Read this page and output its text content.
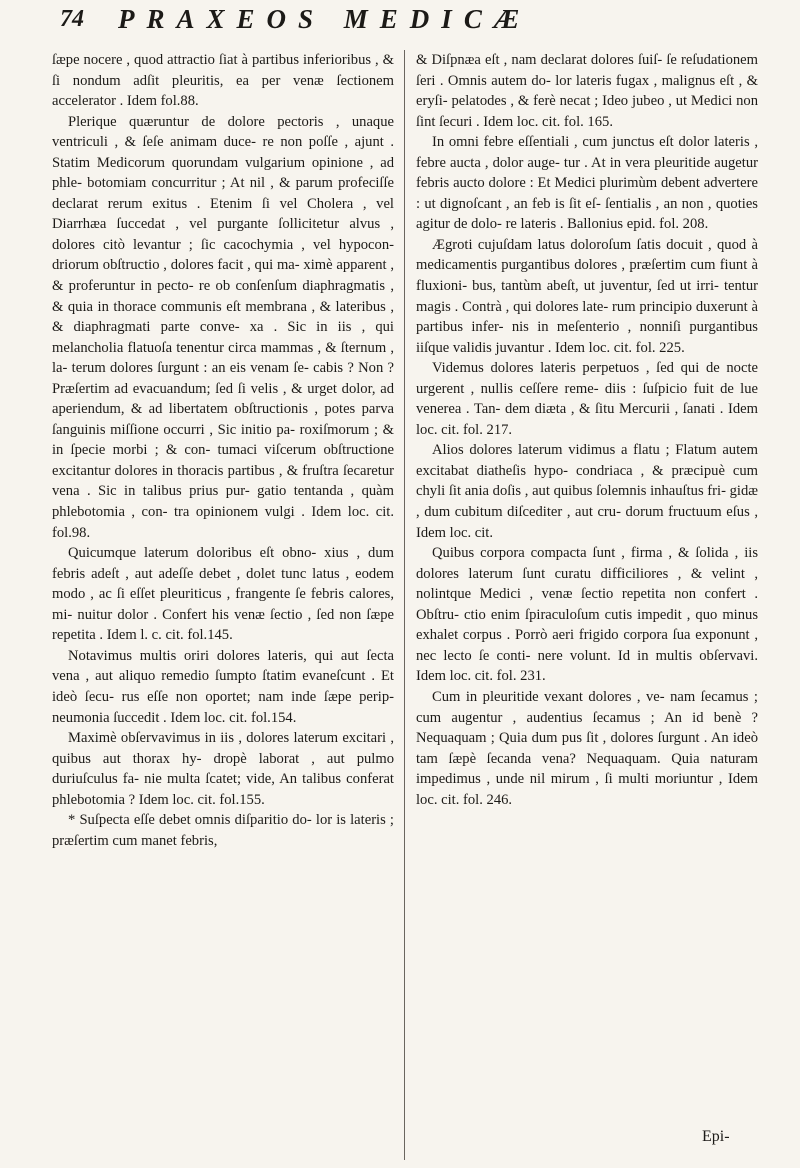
74 PRAXEOS MEDICÆ

ſæpe nocere , quod attractio ſiat à partibus inferioribus , & ſi nondum adſit pleuritis, ea per venæ ſectionem accelerator . Idem fol.88.

Plerique quæruntur de dolore pectoris , unaque ventriculi , & ſeſe animam duce- re non poſſe , ajunt . Statim Medicorum quorundam vulgarium opinione , ad phle- botomiam concurritur ; At nil , & parum profeciſſe declarat rerum exitus . Etenim ſi vel Cholera , vel Diarrhæa ſuccedat , vel purgante ſollicitetur alvus , dolores citò levantur ; ſic cacochymia , vel hypocon- driorum obſtructio , dolores facit , qui ma- ximè apparent , & proferuntur in pecto- re ob conſenſum diaphragmatis , & quia in thorace communis eſt membrana , & lateribus , & diaphragmati parte conve- xa . Sic in iis , qui melancholia flatuoſa tenentur circa mammas , & ſternum , la- terum dolores ſurgunt : an eis venam ſe- cabis ? Non ? Præſertim ad evacuandum; ſed ſi velis , & urget dolor, ad aperiendum, & ad libertatem obſtructionis , potes parva ſanguinis miſſione occurri , Sic initio pa- roxiſmorum ; & in ſpecie morbi ; & con- tumaci viſcerum obſtructione excitantur dolores in thoracis partibus , & fruſtra ſecaretur vena . Sic in talibus prius pur- gatio tentanda , quàm phlebotomia , con- tra opinionem vulgi . Idem loc. cit. fol.98.

Quicumque laterum doloribus eſt obno- xius , dum febris adeſt , aut adeſſe debet , dolet tunc latus , eodem modo , ac ſi eſſet pleuriticus , frangente ſe febris calores, mi- nuitur dolor . Confert his venæ ſectio , ſed non ſæpe repetita . Idem l. c. cit. fol.145.

Notavimus multis oriri dolores lateris, qui aut ſecta vena , aut aliquo remedio ſumpto ſtatim evaneſcunt . Et ideò ſecu- rus eſſe non oportet; nam inde ſæpe perip- neumonia ſuccedit . Idem loc. cit. fol.154.

Maximè obſervavimus in iis , dolores laterum excitari , quibus aut thorax hy- dropè laborat , aut pulmo duriuſculus fa- nie multa ſcatet; vide, An talibus conferat phlebotomia ? Idem loc. cit. fol.155.

* Suſpecta eſſe debet omnis diſparitio do- lor is lateris ; præſertim cum manet febris,

& Diſpnæa eſt , nam declarat dolores ſuiſ- ſe reſudationem ſeri . Omnis autem do- lor lateris fugax , malignus eſt , & eryſi- pelatodes , & ferè necat ; Ideo jubeo , ut Medici non ſint ſecuri . Idem loc. cit. fol. 165.

In omni febre eſſentiali , cum junctus eſt dolor lateris , febre aucta , dolor auge- tur . At in vera pleuritide augetur febris aucto dolore : Et Medici plurimùm debent advertere : ut dignoſcant , an feb is ſit eſ- ſentialis , an non , quoties agitur de dolo- re lateris . Ballonius epid. fol. 208.

Ægroti cujuſdam latus doloroſum ſatis docuit , quod à medicamentis purgantibus dolores , præſertim cum fiunt à fluxioni- bus, tantùm abeſt, ut juventur, ſed ut irri- tentur magis . Contrà , qui dolores late- rum principio duxerunt à partibus infer- nis in meſenterio , nonniſi purgantibus iiſque validis juvantur . Idem loc. cit. fol. 225.

Videmus dolores lateris perpetuos , ſed qui de nocte urgerent , nullis ceſſere reme- diis : ſuſpicio fuit de lue venerea . Tan- dem diæta , & ſitu Mercurii , ſanati . Idem loc. cit. fol. 217.

Alios dolores laterum vidimus a flatu ; Flatum autem excitabat diatheſis hypo- condriaca , & præcipuè cum chyli ſit ania doſis , aut quibus ſolemnis inhauſtus fri- gidæ , dum cubitum diſcediter , aut cru- dorum fructuum eſus , Idem loc. cit.

Quibus corpora compacta ſunt , firma , & ſolida , iis dolores laterum ſunt curatu difficiliores , & velint , nolintque Medici , venæ ſectio repetita non confert . Obſtru- ctio enim ſpiraculoſum cutis impedit , quo minus exhalet corpus . Porrò aeri frigido corpora ſua exponunt , nec lecto ſe conti- nere volunt. Id in multis obſervavi. Idem loc. cit. fol. 231.

Cum in pleuritide vexant dolores , ve- nam ſecamus ; cum augentur , audentius ſecamus ; An id benè ? Nequaquam ; Quia dum pus ſit , dolores ſurgunt . An ideò tam ſæpè ſecanda vena? Nequaquam. Quia naturam impedimus , unde nil mirum , ſi multi moriuntur , Idem loc. cit. fol. 246.

Epi-
